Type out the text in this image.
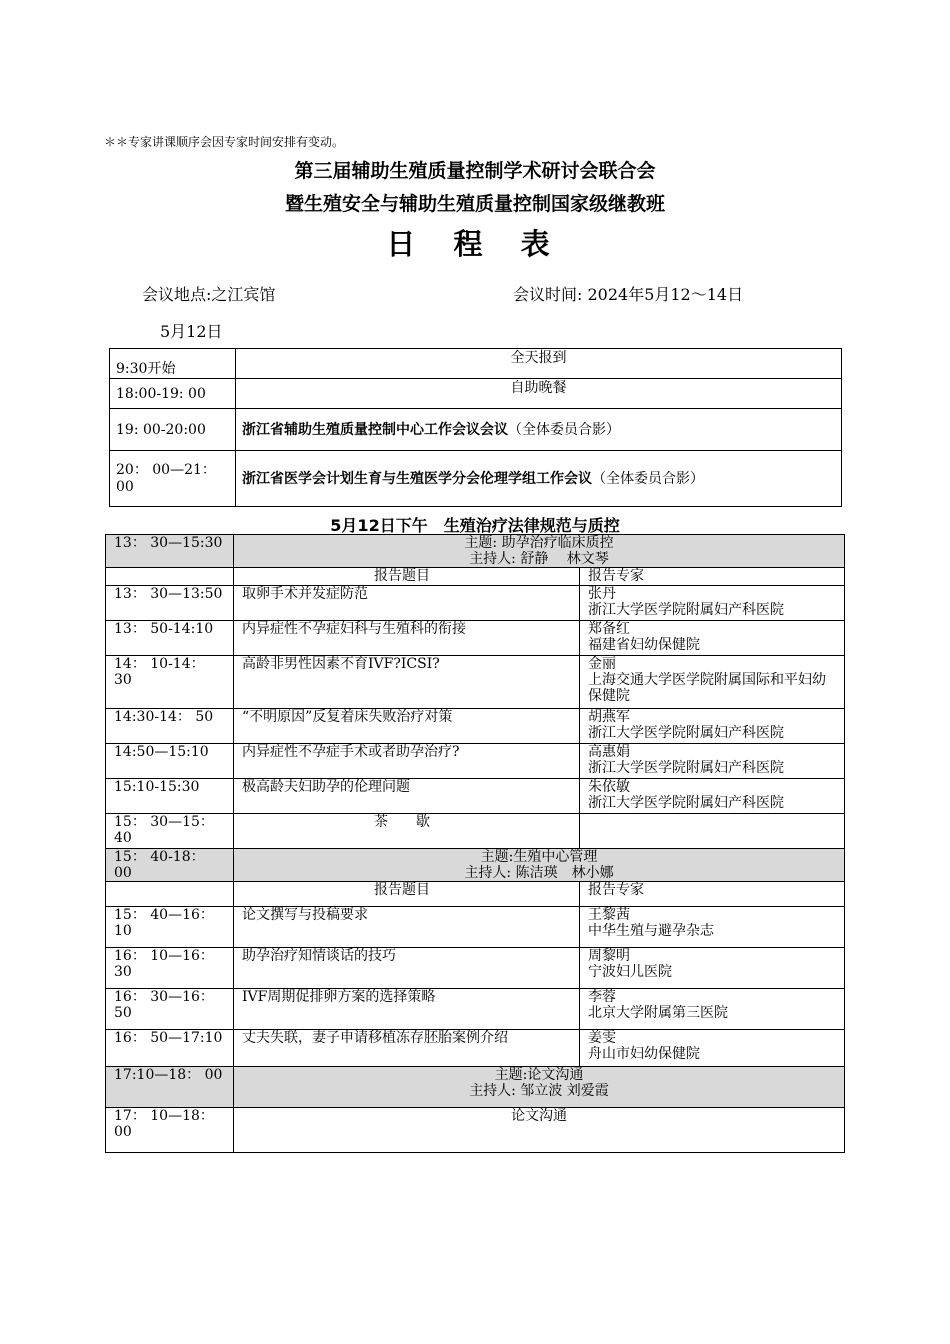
＊＊专家讲课顺序会因专家时间安排有变动。
第三届辅助生殖质量控制学术研讨会联合会
暨生殖安全与辅助生殖质量控制国家级继教班
日 程 表
会议地点:之江宾馆	会议时间: 2024年5月12～14日
5月12日
9:30开始	全天报到
18:00-19: 00	自助晚餐
19: 00-20:00	浙江省辅助生殖质量控制中心工作会议会议（全体委员合影）
20： 00—21：00	浙江省医学会计划生育与生殖医学分会伦理学组工作会议（全体委员合影）
5月12日下午　生殖治疗法律规范与质控
13： 30—15:30	主题: 助孕治疗临床质控
主持人: 舒静　 林文琴	

	报告题目	报告专家
13： 30—13:50	取卵手术并发症防范	张丹
浙江大学医学院附属妇产科医院

13： 50-14:10	内异症性不孕症妇科与生殖科的衔接	郑备红
福建省妇幼保健院

14： 10-14： 30	高龄非男性因素不育IVF?ICSI?	金丽
上海交通大学医学院附属国际和平妇幼保健院

14:30-14： 50	“不明原因”反复着床失败治疗对策	胡燕军
浙江大学医学院附属妇产科医院

14:50—15:10	内异症性不孕症手术或者助孕治疗?	高惠娟
浙江大学医学院附属妇产科医院

15:10-15:30	极高龄夫妇助孕的伦理问题	朱依敏
浙江大学医学院附属妇产科医院

15： 30—15：40	茶　　歇	
15： 40-18： 00	主题:生殖中心管理
主持人: 陈洁瑛　林小娜	

	报告题目	报告专家
15： 40—16：10	论文撰写与投稿要求	王黎茜
中华生殖与避孕杂志

16： 10—16：30	助孕治疗知情谈话的技巧	周黎明
宁波妇儿医院

16： 30—16：50	IVF周期促排卵方案的选择策略	李蓉
北京大学附属第三医院

16： 50—17:10	丈夫失联，妻子申请移植冻存胚胎案例介绍	姜雯
舟山市妇幼保健院

17:10—18： 00	主题:论文沟通
主持人: 邹立波 刘爱霞	

17： 10—18：00	论文沟通	
